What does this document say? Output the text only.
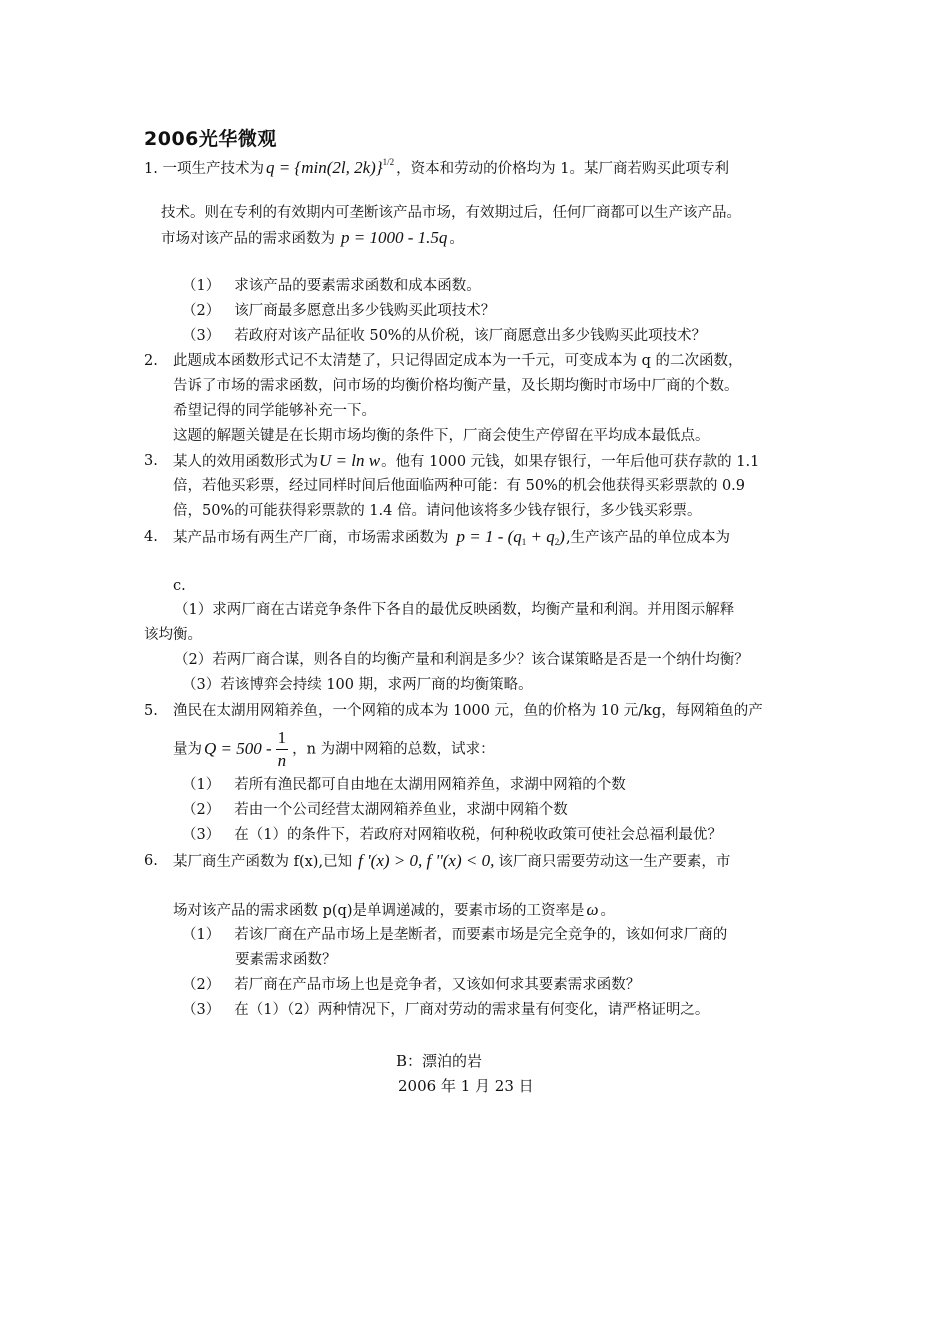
2006光华微观
1. 一项生产技术为 q = {min(2l, 2k)}$^{1/2}$ ，资本和劳动的价格均为 1。某厂商若购买此项专利
技术。则在专利的有效期内可垄断该产品市场，有效期过后，任何厂商都可以生产该产品。
市场对该产品的需求函数为 p = 1000 - 1.5q 。
（1） 求该产品的要素需求函数和成本函数。
（2） 该厂商最多愿意出多少钱购买此项技术？
（3） 若政府对该产品征收 50%的从价税，该厂商愿意出多少钱购买此项技术？
2. 此题成本函数形式记不太清楚了，只记得固定成本为一千元，可变成本为 q 的二次函数，
告诉了市场的需求函数，问市场的均衡价格均衡产量，及长期均衡时市场中厂商的个数。
希望记得的同学能够补充一下。
这题的解题关键是在长期市场均衡的条件下，厂商会使生产停留在平均成本最低点。
3. 某人的效用函数形式为U = ln w。他有 1000 元钱，如果存银行，一年后他可获存款的 1.1
倍，若他买彩票，经过同样时间后他面临两种可能：有 50%的机会他获得买彩票款的 0.9
倍，50%的可能获得彩票款的 1.4 倍。请问他该将多少钱存银行，多少钱买彩票。
4. 某产品市场有两生产厂商，市场需求函数为 $p = 1 - (q_1 + q_2)$,生产该产品的单位成本为
c.
（1）求两厂商在古诺竞争条件下各自的最优反映函数，均衡产量和利润。并用图示解释
该均衡。
（2）若两厂商合谋，则各自的均衡产量和利润是多少？该合谋策略是否是一个纳什均衡？
（3）若该博弈会持续 100 期，求两厂商的均衡策略。
5. 渔民在太湖用网箱养鱼，一个网箱的成本为 1000 元，鱼的价格为 10 元/kg，每网箱鱼的产
量为 $Q = 500 - \frac{1}{n}$ ，n 为湖中网箱的总数，试求：
（1） 若所有渔民都可自由地在太湖用网箱养鱼，求湖中网箱的个数
（2） 若由一个公司经营太湖网箱养鱼业，求湖中网箱个数
（3） 在（1）的条件下，若政府对网箱收税，何种税收政策可使社会总福利最优？
6. 某厂商生产函数为 f(x),已知 f '(x) > 0, f ''(x) < 0, 该厂商只需要劳动这一生产要素，市
场对该产品的需求函数 p(q)是单调递减的，要素市场的工资率是 ω 。
（1） 若该厂商在产品市场上是垄断者，而要素市场是完全竞争的，该如何求厂商的
要素需求函数？
（2） 若厂商在产品市场上也是竞争者，又该如何求其要素需求函数？
（3） 在（1）（2）两种情况下，厂商对劳动的需求量有何变化，请严格证明之。
B：漂泊的岩
2006 年 1 月 23 日
